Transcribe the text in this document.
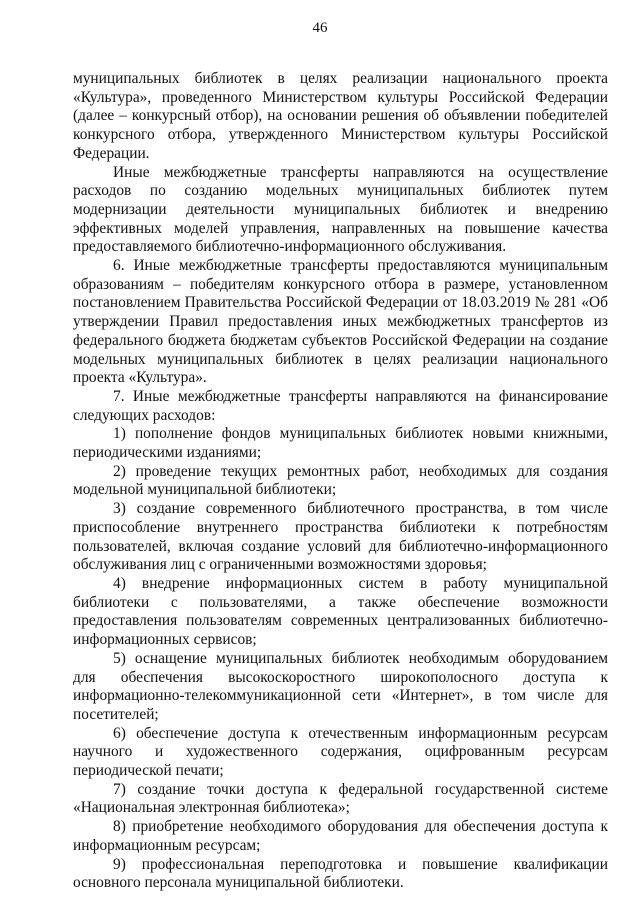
46

муниципальных библиотек в целях реализации национального проекта «Культура», проведенного Министерством культуры Российской Федерации (далее – конкурсный отбор), на основании решения об объявлении победителей конкурсного отбора, утвержденного Министерством культуры Российской Федерации.

Иные межбюджетные трансферты направляются на осуществление расходов по созданию модельных муниципальных библиотек путем модернизации деятельности муниципальных библиотек и внедрению эффективных моделей управления, направленных на повышение качества предоставляемого библиотечно-информационного обслуживания.

6. Иные межбюджетные трансферты предоставляются муниципальным образованиям – победителям конкурсного отбора в размере, установленном постановлением Правительства Российской Федерации от 18.03.2019 № 281 «Об утверждении Правил предоставления иных межбюджетных трансфертов из федерального бюджета бюджетам субъектов Российской Федерации на создание модельных муниципальных библиотек в целях реализации национального проекта «Культура».

7. Иные межбюджетные трансферты направляются на финансирование следующих расходов:

1) пополнение фондов муниципальных библиотек новыми книжными, периодическими изданиями;

2) проведение текущих ремонтных работ, необходимых для создания модельной муниципальной библиотеки;

3) создание современного библиотечного пространства, в том числе приспособление внутреннего пространства библиотеки к потребностям пользователей, включая создание условий для библиотечно-информационного обслуживания лиц с ограниченными возможностями здоровья;

4) внедрение информационных систем в работу муниципальной библиотеки с пользователями, а также обеспечение возможности предоставления пользователям современных централизованных библиотечно-информационных сервисов;

5) оснащение муниципальных библиотек необходимым оборудованием для обеспечения высокоскоростного широкополосного доступа к информационно-телекоммуникационной сети «Интернет», в том числе для посетителей;

6) обеспечение доступа к отечественным информационным ресурсам научного и художественного содержания, оцифрованным ресурсам периодической печати;

7) создание точки доступа к федеральной государственной системе «Национальная электронная библиотека»;

8) приобретение необходимого оборудования для обеспечения доступа к информационным ресурсам;

9) профессиональная переподготовка и повышение квалификации основного персонала муниципальной библиотеки.
